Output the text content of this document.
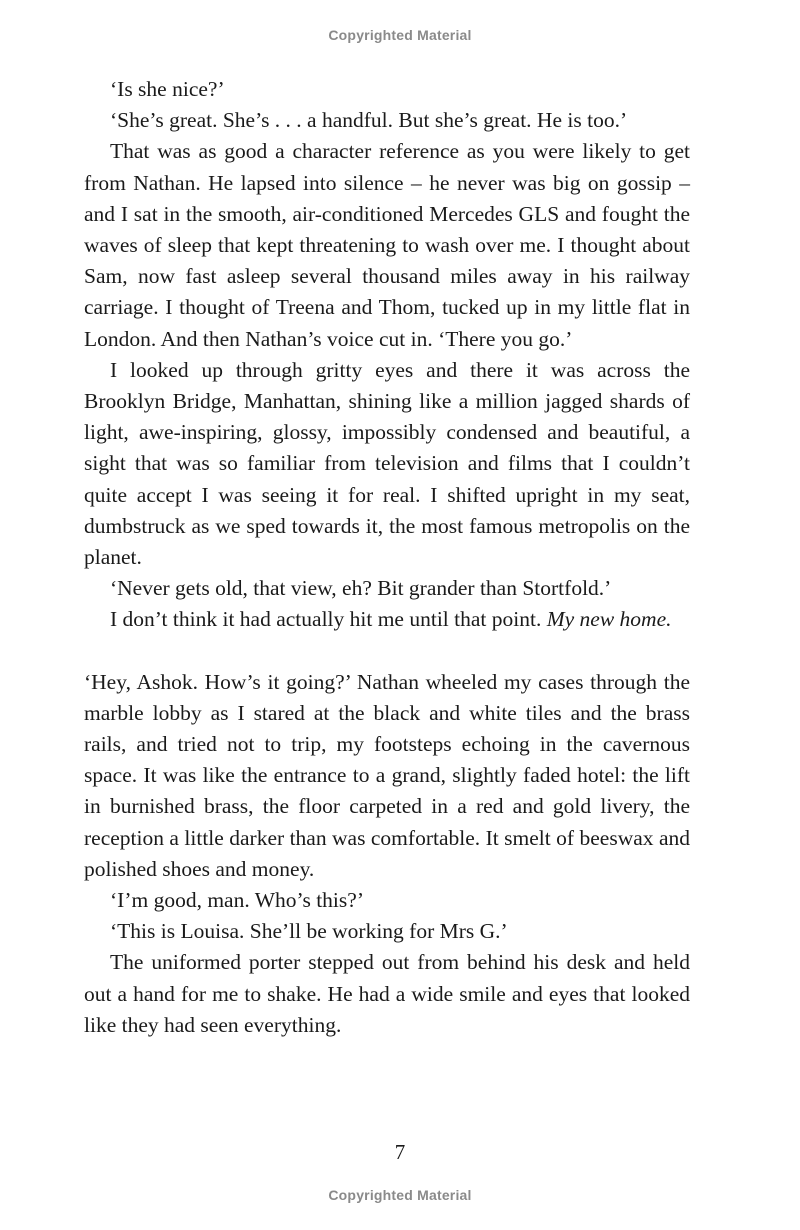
Copyrighted Material

‘Is she nice?’

‘She’s great. She’s . . . a handful. But she’s great. He is too.’

That was as good a character reference as you were likely to get from Nathan. He lapsed into silence – he never was big on gossip – and I sat in the smooth, air-conditioned Mercedes GLS and fought the waves of sleep that kept threatening to wash over me. I thought about Sam, now fast asleep several thousand miles away in his railway carriage. I thought of Treena and Thom, tucked up in my little flat in London. And then Nathan’s voice cut in. ‘There you go.’

I looked up through gritty eyes and there it was across the Brooklyn Bridge, Manhattan, shining like a million jagged shards of light, awe-inspiring, glossy, impossibly condensed and beautiful, a sight that was so familiar from television and films that I couldn’t quite accept I was seeing it for real. I shifted upright in my seat, dumbstruck as we sped towards it, the most famous metropolis on the planet.

‘Never gets old, that view, eh? Bit grander than Stortfold.’

I don’t think it had actually hit me until that point. My new home.

‘Hey, Ashok. How’s it going?’ Nathan wheeled my cases through the marble lobby as I stared at the black and white tiles and the brass rails, and tried not to trip, my footsteps echoing in the cavernous space. It was like the entrance to a grand, slightly faded hotel: the lift in burnished brass, the floor carpeted in a red and gold livery, the reception a little darker than was comfortable. It smelt of beeswax and polished shoes and money.

‘I’m good, man. Who’s this?’

‘This is Louisa. She’ll be working for Mrs G.’

The uniformed porter stepped out from behind his desk and held out a hand for me to shake. He had a wide smile and eyes that looked like they had seen everything.

7
Copyrighted Material
